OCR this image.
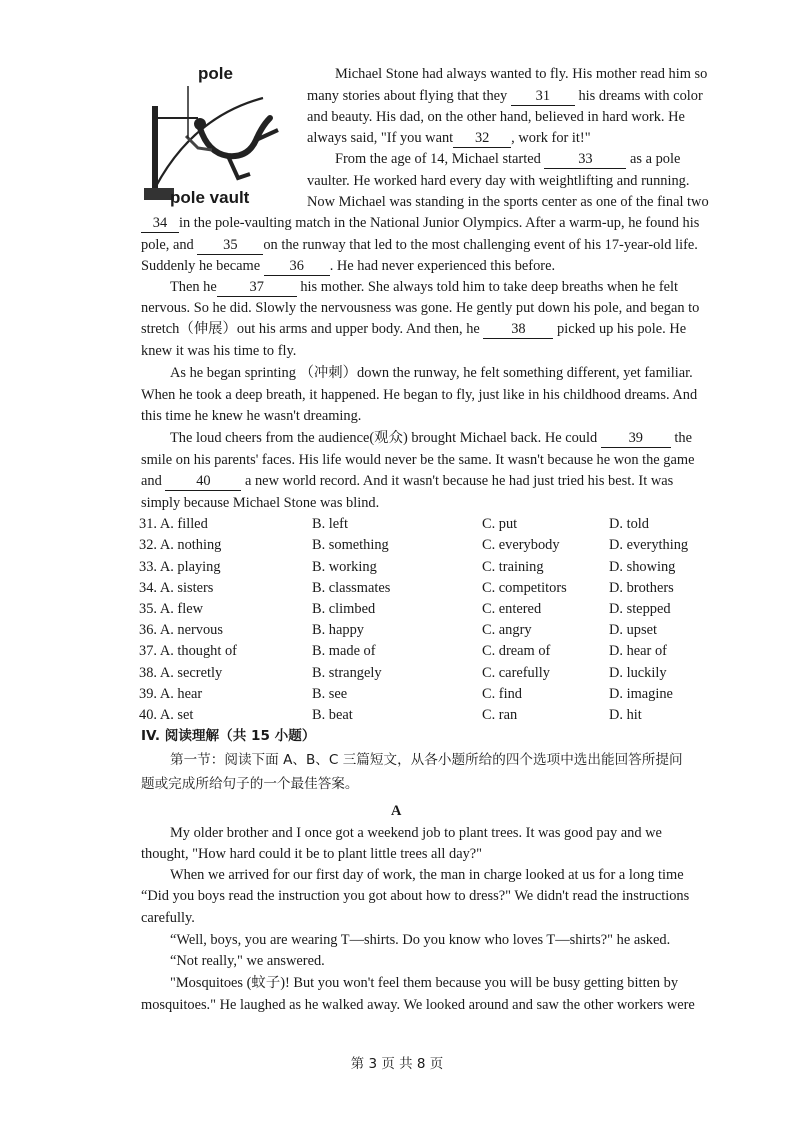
pole
pole vault
Michael Stone had always wanted to fly. His mother read him so
many stories about flying that they 31 his dreams with color
and beauty. His dad, on the other hand, believed in hard work. He
always said, "If you want 32 , work for it!"
From the age of 14, Michael started	33	as a pole
vaulter. He worked hard every day with weightlifting and running.
Now Michael was standing in the sports center as one of the final two
34 in the pole-vaulting match in the National Junior Olympics. After a warm-up, he found his
pole, and 35 on the runway that led to the most challenging event of his 17-year-old life.
Suddenly he became 36 . He had never experienced this before.
Then he 37	his mother. She always told him to take deep breaths when he felt
nervous. So he did. Slowly the nervousness was gone. He gently put down his pole, and began to
stretch（伸展）out his arms and upper body. And then, he 38 picked up his pole. He
knew it was his time to fly.
As he began sprinting （冲刺）down the runway, he felt something different, yet familiar.
When he took a deep breath, it happened. He began to fly, just like in his childhood dreams. And
this time he knew he wasn't dreaming.
The loud cheers from the audience(观众) brought Michael back. He could 39 the
smile on his parents' faces. His life would never be the same. It wasn't because he won the game
and 40 a new world record. And it wasn't because he had just tried his best. It was
simply because Michael Stone was blind.
31. A. filled	B. left	C. put	D. told
32. A. nothing	B. something	C. everybody	D. everything
33. A. playing	B. working	C. training	D. showing
34. A. sisters	B. classmates	C. competitors	D. brothers
35. A. flew	B. climbed	C. entered	D. stepped
36. A. nervous	B. happy	C. angry	D. upset
37. A. thought of	B. made of	C. dream of	D. hear of
38. A. secretly	B. strangely	C. carefully	D. luckily
39. A. hear	B. see	C. find	D. imagine
40. A. set	B. beat	C. ran	D. hit
IV. 阅读理解（共 15 小题）
第一节：阅读下面 A、B、C 三篇短文，从各小题所给的四个选项中选出能回答所提问
题或完成所给句子的一个最佳答案。
A
My older brother and I once got a weekend job to plant trees. It was good pay and we
thought, "How hard could it be to plant little trees all day?"
When we arrived for our first day of work, the man in charge looked at us for a long time
“Did you boys read the instruction you got about how to dress?" We didn't read the instructions
carefully.
“Well, boys, you are wearing T—shirts. Do you know who loves T—shirts?" he asked.
“Not really," we answered.
"Mosquitoes (蚊子)! But you won't feel them because you will be busy getting bitten by
mosquitoes." He laughed as he walked away. We looked around and saw the other workers were
第 3 页 共 8 页
